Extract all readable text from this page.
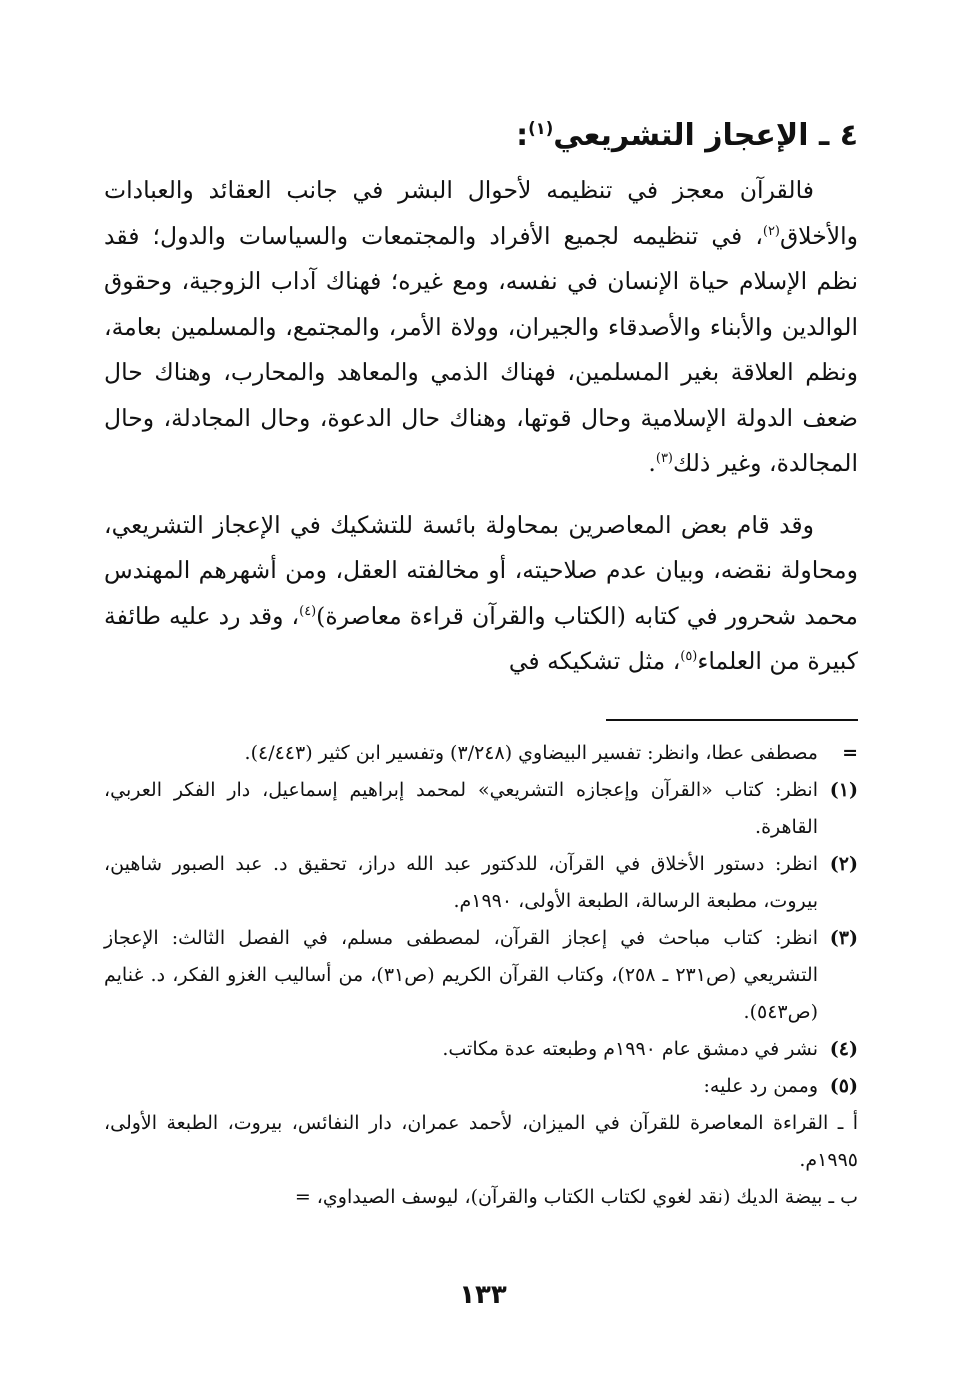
٤ ـ الإعجاز التشريعي$^{(١)}$:

فالقرآن معجز في تنظيمه لأحوال البشر في جانب العقائد والعبادات والأخلاق$^{(٢)}$، في تنظيمه لجميع الأفراد والمجتمعات والسياسات والدول؛ فقد نظم الإسلام حياة الإنسان في نفسه، ومع غيره؛ فهناك آداب الزوجية، وحقوق الوالدين والأبناء والأصدقاء والجيران، وولاة الأمر، والمجتمع، والمسلمين بعامة، ونظم العلاقة بغير المسلمين، فهناك الذمي والمعاهد والمحارب، وهناك حال ضعف الدولة الإسلامية وحال قوتها، وهناك حال الدعوة، وحال المجادلة، وحال المجالدة، وغير ذلك$^{(٣)}$.

وقد قام بعض المعاصرين بمحاولة بائسة للتشكيك في الإعجاز التشريعي، ومحاولة نقضه، وبيان عدم صلاحيته، أو مخالفته العقل، ومن أشهرهم المهندس محمد شحرور في كتابه (الكتاب والقرآن قراءة معاصرة)$^{(٤)}$، وقد رد عليه طائفة كبيرة من العلماء$^{(٥)}$، مثل تشكيكه في

=
مصطفى عطا، وانظر: تفسير البيضاوي (٣/٢٤٨) وتفسير ابن كثير (٤/٤٤٣).
(١)
انظر: كتاب «القرآن وإعجازه التشريعي» لمحمد إبراهيم إسماعيل، دار الفكر العربي، القاهرة.
(٢)
انظر: دستور الأخلاق في القرآن، للدكتور عبد الله دراز، تحقيق د. عبد الصبور شاهين، بيروت، مطبعة الرسالة، الطبعة الأولى، ١٩٩٠م.
(٣)
انظر: كتاب مباحث في إعجاز القرآن، لمصطفى مسلم، في الفصل الثالث: الإعجاز التشريعي (ص٢٣١ ـ ٢٥٨)، وكتاب القرآن الكريم (ص٣١)، من أساليب الغزو الفكر، د. غنايم (ص٥٤٣).
(٤)
نشر في دمشق عام ١٩٩٠م وطبعته عدة مكاتب.
(٥)
وممن رد عليه:
أ ـ القراءة المعاصرة للقرآن في الميزان، لأحمد عمران، دار النفائس، بيروت، الطبعة الأولى، ١٩٩٥م.
ب ـ بيضة الديك (نقد لغوي لكتاب الكتاب والقرآن)، ليوسف الصيداوي، =
١٣٣
